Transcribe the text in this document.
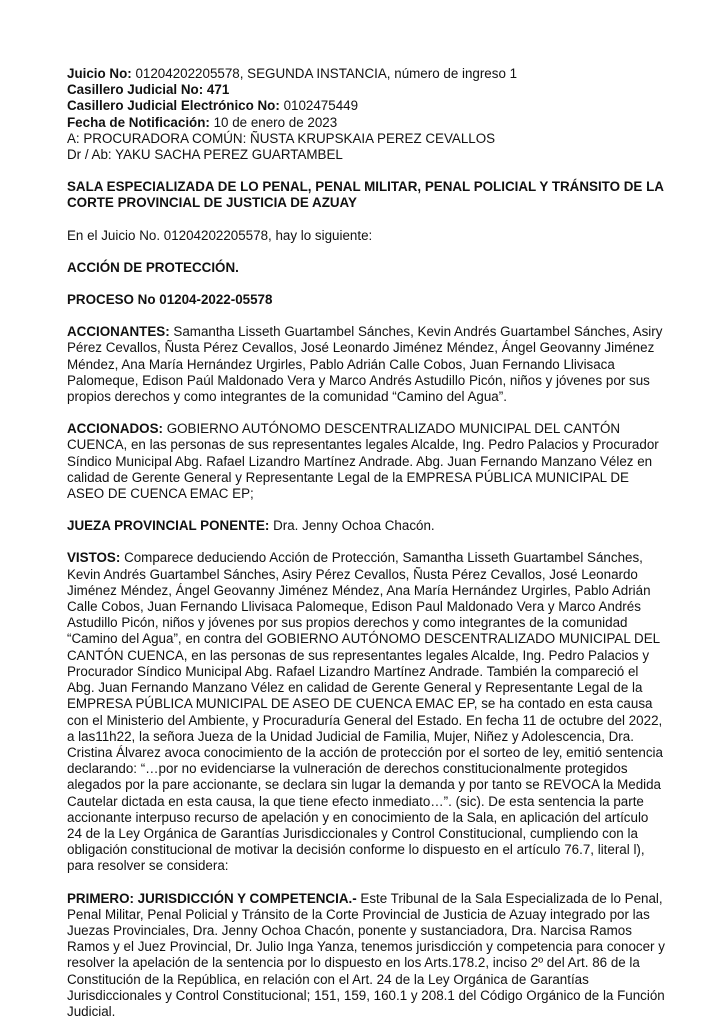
Juicio No: 01204202205578, SEGUNDA INSTANCIA, número de ingreso 1
Casillero Judicial No: 471
Casillero Judicial Electrónico No: 0102475449
Fecha de Notificación: 10 de enero de 2023
A: PROCURADORA COMÚN: ÑUSTA KRUPSKAIA PEREZ CEVALLOS
Dr / Ab: YAKU SACHA PEREZ GUARTAMBEL
SALA ESPECIALIZADA DE LO PENAL, PENAL MILITAR, PENAL POLICIAL Y TRÁNSITO DE LA CORTE PROVINCIAL DE JUSTICIA DE AZUAY
En el Juicio No. 01204202205578, hay lo siguiente:
ACCIÓN DE PROTECCIÓN.
PROCESO No 01204-2022-05578
ACCIONANTES: Samantha Lisseth Guartambel Sánches, Kevin Andrés Guartambel Sánches, Asiry Pérez Cevallos, Ñusta Pérez Cevallos, José Leonardo Jiménez Méndez, Ángel Geovanny Jiménez Méndez, Ana María Hernández Urgirles, Pablo Adrián Calle Cobos, Juan Fernando Llivisaca Palomeque, Edison Paúl Maldonado Vera y Marco Andrés Astudillo Picón, niños y jóvenes por sus propios derechos y como integrantes de la comunidad “Camino del Agua”.
ACCIONADOS: GOBIERNO AUTÓNOMO DESCENTRALIZADO MUNICIPAL DEL CANTÓN CUENCA, en las personas de sus representantes legales Alcalde, Ing. Pedro Palacios y Procurador Síndico Municipal Abg. Rafael Lizandro Martínez Andrade. Abg. Juan Fernando Manzano Vélez en calidad de Gerente General y Representante Legal de la EMPRESA PÚBLICA MUNICIPAL DE ASEO DE CUENCA EMAC EP;
JUEZA PROVINCIAL PONENTE: Dra. Jenny Ochoa Chacón.
VISTOS: Comparece deduciendo Acción de Protección, Samantha Lisseth Guartambel Sánches, Kevin Andrés Guartambel Sánches, Asiry Pérez Cevallos, Ñusta Pérez Cevallos, José Leonardo Jiménez Méndez, Ángel Geovanny Jiménez Méndez, Ana María Hernández Urgirles, Pablo Adrián Calle Cobos, Juan Fernando Llivisaca Palomeque, Edison Paul Maldonado Vera y Marco Andrés Astudillo Picón, niños y jóvenes por sus propios derechos y como integrantes de la comunidad “Camino del Agua”, en contra del GOBIERNO AUTÓNOMO DESCENTRALIZADO MUNICIPAL DEL CANTÓN CUENCA, en las personas de sus representantes legales Alcalde, Ing. Pedro Palacios y Procurador Síndico Municipal Abg. Rafael Lizandro Martínez Andrade. También la compareció el Abg. Juan Fernando Manzano Vélez en calidad de Gerente General y Representante Legal de la EMPRESA PÚBLICA MUNICIPAL DE ASEO DE CUENCA EMAC EP, se ha contado en esta causa con el Ministerio del Ambiente, y Procuraduría General del Estado. En fecha 11 de octubre del 2022, a las11h22, la señora Jueza de la Unidad Judicial de Familia, Mujer, Niñez y Adolescencia, Dra. Cristina Álvarez avoca conocimiento de la acción de protección por el sorteo de ley, emitió sentencia declarando: “…por no evidenciarse la vulneración de derechos constitucionalmente protegidos alegados por la pare accionante, se declara sin lugar la demanda y por tanto se REVOCA la Medida Cautelar dictada en esta causa, la que tiene efecto inmediato…”. (sic). De esta sentencia la parte accionante interpuso recurso de apelación y en conocimiento de la Sala, en aplicación del artículo 24 de la Ley Orgánica de Garantías Jurisdiccionales y Control Constitucional, cumpliendo con la obligación constitucional de motivar la decisión conforme lo dispuesto en el artículo 76.7, literal l), para resolver se considera:
PRIMERO: JURISDICCIÓN Y COMPETENCIA.- Este Tribunal de la Sala Especializada de lo Penal, Penal Militar, Penal Policial y Tránsito de la Corte Provincial de Justicia de Azuay integrado por las Juezas Provinciales, Dra. Jenny Ochoa Chacón, ponente y sustanciadora, Dra. Narcisa Ramos Ramos y el Juez Provincial, Dr. Julio Inga Yanza, tenemos jurisdicción y competencia para conocer y resolver la apelación de la sentencia por lo dispuesto en los Arts.178.2, inciso 2º del Art. 86 de la Constitución de la República, en relación con el Art. 24 de la Ley Orgánica de Garantías Jurisdiccionales y Control Constitucional; 151, 159, 160.1 y 208.1 del Código Orgánico de la Función Judicial.
